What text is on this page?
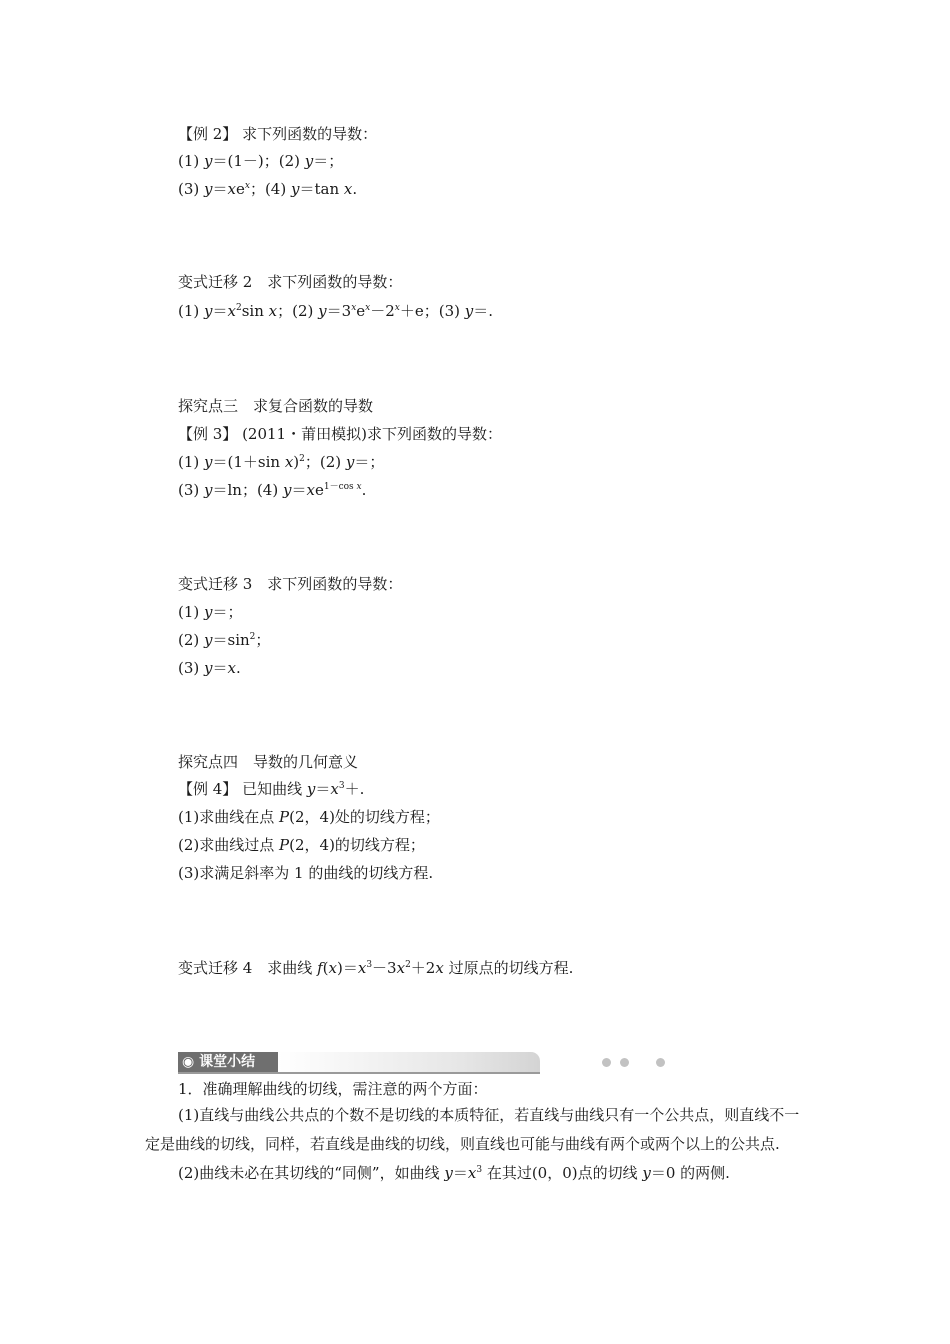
【例 2】 求下列函数的导数：
(1) y＝(1－)；(2) y＝；
(3) $y=xe^x$；(4) y＝tan x.
变式迁移 2　求下列函数的导数：
(1) $y=x^2\sin$ x；(2) $y=3^xe^x-2^x+e$；(3) y＝.
探究点三　求复合函数的导数
【例 3】 (2011・莆田模拟)求下列函数的导数：
(1) y＝(1＋sin x)$^2$；(2) y＝；
(3) y＝ln；(4) $y=xe^{1-cos x}$.
变式迁移 3　求下列函数的导数：
(1) y＝；
(2) $y=\sin^2$；
(3) y＝x.
探究点四　导数的几何意义
【例 4】 已知曲线 $y=x^3+$.
(1)求曲线在点 P(2，4)处的切线方程；
(2)求曲线过点 P(2，4)的切线方程；
(3)求满足斜率为 1 的曲线的切线方程.
变式迁移 4　求曲线 $f(x)=x^3-3x^2+2x$ 过原点的切线方程.
◉ 课堂小结
1．准确理解曲线的切线，需注意的两个方面：

(1)直线与曲线公共点的个数不是切线的本质特征，若直线与曲线只有一个公共点，则直线不一定是曲线的切线，同样，若直线是曲线的切线，则直线也可能与曲线有两个或两个以上的公共点.

(2)曲线未必在其切线的“同侧”，如曲线 $y=x^3$ 在其过(0，0)点的切线 y＝0 的两侧.
